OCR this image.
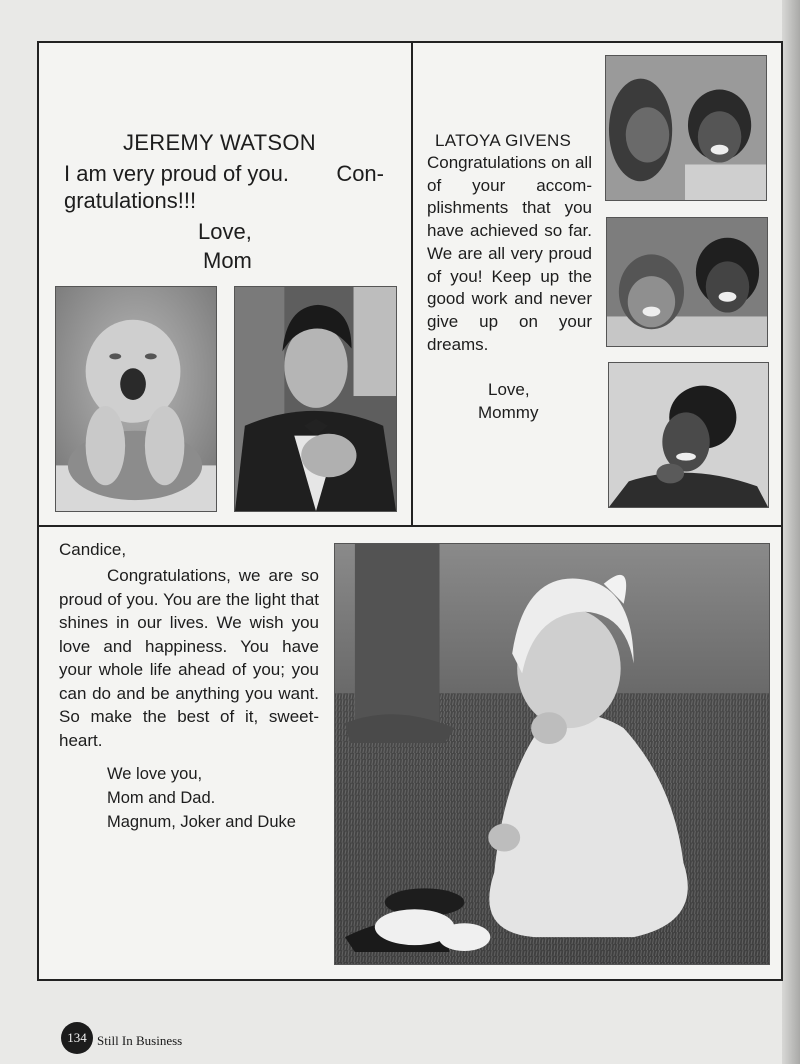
JEREMY WATSON
I am very proud of you. Con-
gratulations!!!
Love,
Mom
LATOYA GIVENS
Congratulations on all of your accom- plishments that you have achieved so far. We are all very proud of you! Keep up the good work and never give up on your dreams.
Love,
Mommy
Candice,

Congratulations, we are so proud of you. You are the light that shines in our lives. We wish you love and happiness. You have your whole life ahead of you; you can do and be anything you want. So make the best of it, sweet- heart.

We love you,
Mom and Dad.
Magnum, Joker and Duke
134 Still In Business
